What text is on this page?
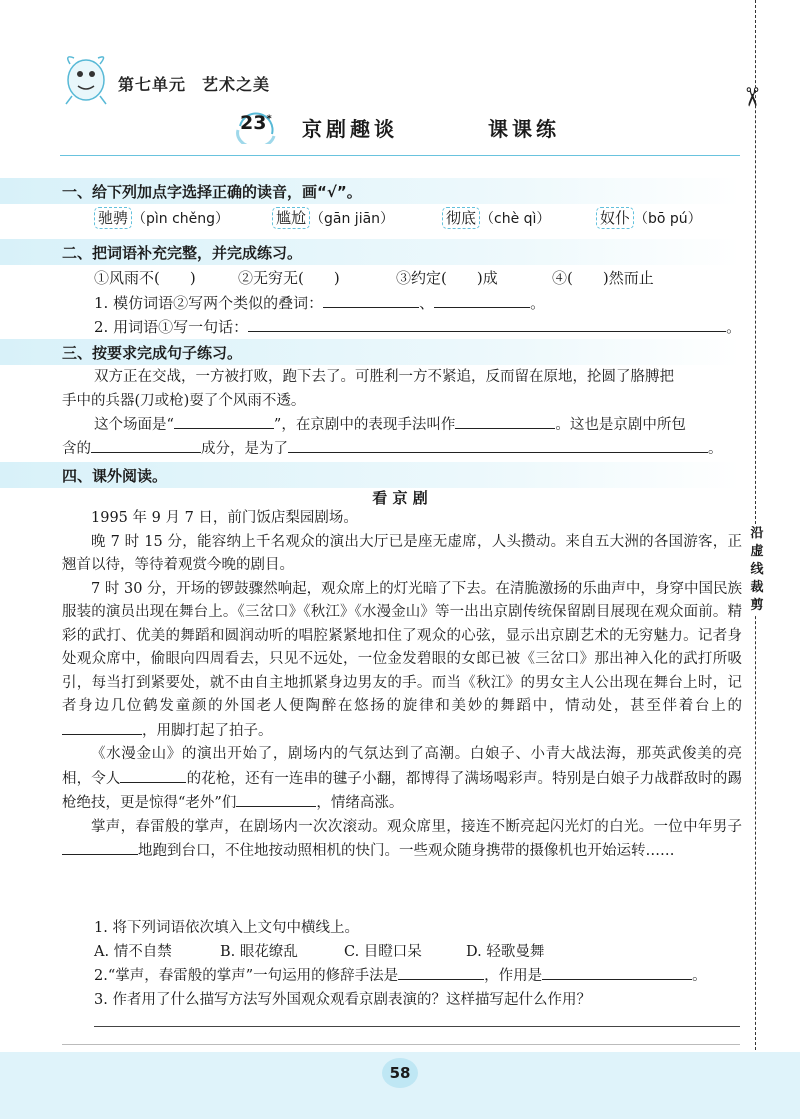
第七单元 艺术之美
23* 京剧趣谈	课课练
✂
沿虚线裁剪
一、给下列加点字选择正确的读音，画“√”。
驰骋 （pìn chěng）	尴尬 （gān jiān）	彻底 （chè qì）	奴仆 （bō pú）
二、把词语补充完整，并完成练习。
①风雨不(　　)	②无穷无(　　)	③约定(　　)成	④(　　)然而止
1. 模仿词语②写两个类似的叠词：	、	。
2. 用词语①写一句话：	。
三、按要求完成句子练习。
双方正在交战，一方被打败，跑下去了。可胜利一方不紧追，反而留在原地，抡圆了胳膊把
手中的兵器(刀或枪)耍了个风雨不透。
这个场面是“	”，在京剧中的表现手法叫作	。这也是京剧中所包
含的	成分，是为了	。
四、课外阅读。
看 京 剧

1995 年 9 月 7 日，前门饭店梨园剧场。

晚 7 时 15 分，能容纳上千名观众的演出大厅已是座无虚席，人头攒动。来自五大洲的各国游客，正翘首以待，等待着观赏今晚的剧目。

7 时 30 分，开场的锣鼓骤然响起，观众席上的灯光暗了下去。在清脆激扬的乐曲声中，身穿中国民族服装的演员出现在舞台上。《三岔口》《秋江》《水漫金山》等一出出京剧传统保留剧目展现在观众面前。精彩的武打、优美的舞蹈和圆润动听的唱腔紧紧地扣住了观众的心弦，显示出京剧艺术的无穷魅力。记者身处观众席中，偷眼向四周看去，只见不远处，一位金发碧眼的女郎已被《三岔口》那出神入化的武打所吸引，每当打到紧要处，就不由自主地抓紧身边男友的手。而当《秋江》的男女主人公出现在舞台上时，记者身边几位鹤发童颜的外国老人便陶醉在悠扬的旋律和美妙的舞蹈中，情动处，甚至伴着台上的，用脚打起了拍子。

《水漫金山》的演出开始了，剧场内的气氛达到了高潮。白娘子、小青大战法海，那英武俊美的亮相，令人	的花枪，还有一连串的毽子小翻，都博得了满场喝彩声。特别是白娘子力战群敌时的踢枪绝技，更是惊得“老外”们	，情绪高涨。

掌声，春雷般的掌声，在剧场内一次次滚动。观众席里，接连不断亮起闪光灯的白光。一位中年男子地跑到台口，不住地按动照相机的快门。一些观众随身携带的摄像机也开始运转……

1. 将下列词语依次填入上文句中横线上。
A. 情不自禁	B. 眼花缭乱	C. 目瞪口呆	D. 轻歌曼舞
2.“掌声，春雷般的掌声”一句运用的修辞手法是	，作用是	。
3. 作者用了什么描写方法写外国观众观看京剧表演的？这样描写起什么作用？
58
